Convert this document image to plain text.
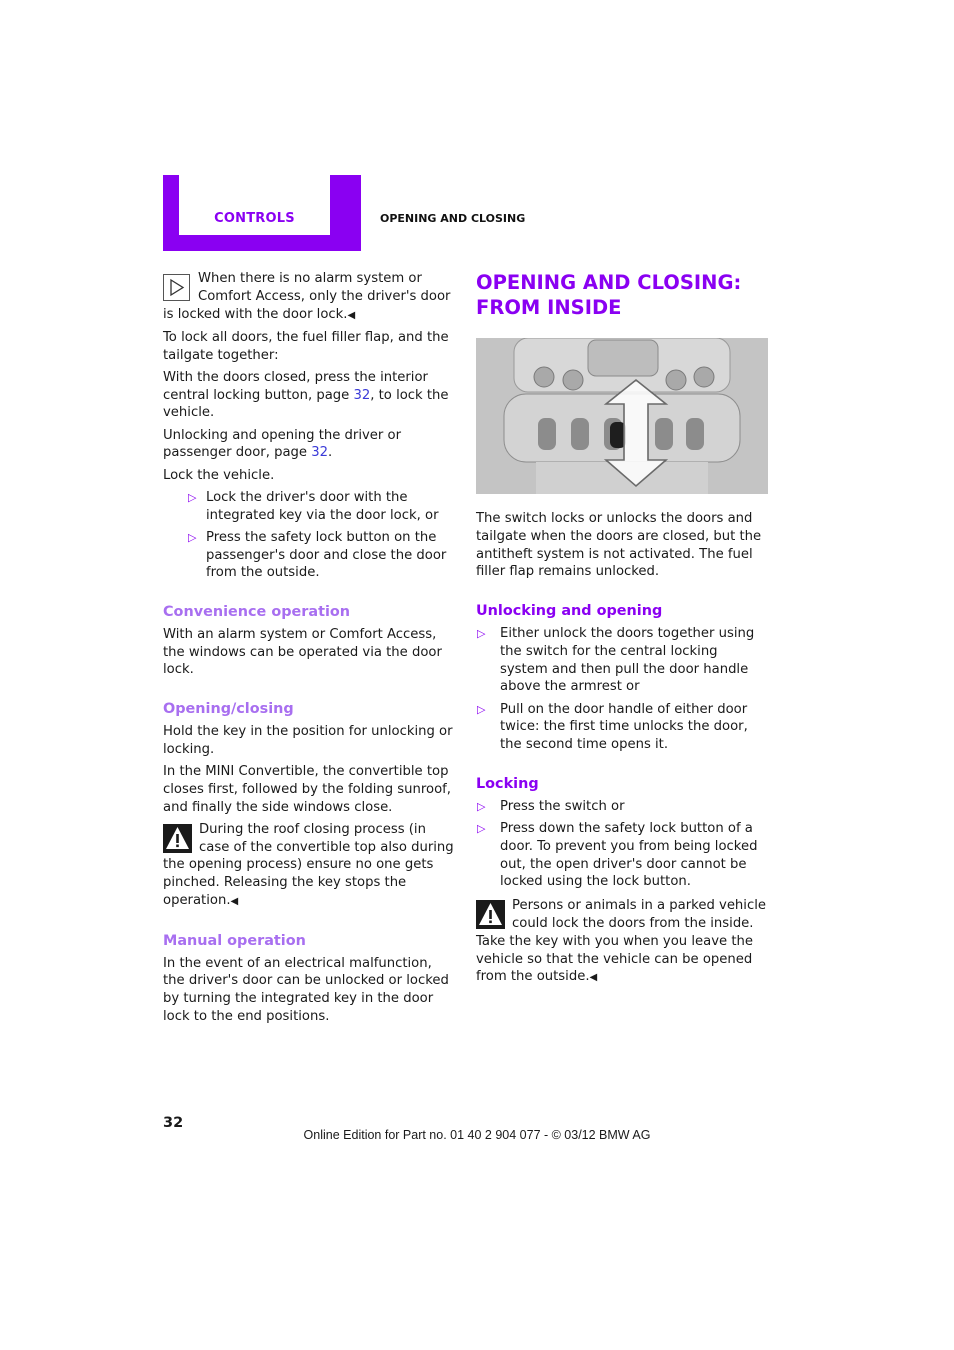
CONTROLS	OPENING AND CLOSING

When there is no alarm system or Comfort Access, only the driver's door is locked with the door lock.◀

To lock all doors, the fuel filler flap, and the tailgate together:

With the doors closed, press the interior central locking button, page 32, to lock the vehicle.

Unlocking and opening the driver or passenger door, page 32.

Lock the vehicle.

▷ Lock the driver's door with the integrated key via the door lock, or
▷ Press the safety lock button on the passenger's door and close the door from the outside.
Convenience operation

With an alarm system or Comfort Access, the windows can be operated via the door lock.

Opening/closing

Hold the key in the position for unlocking or locking.

In the MINI Convertible, the convertible top closes first, followed by the folding sunroof, and finally the side windows close.

During the roof closing process (in case of the convertible top also during the opening process) ensure no one gets pinched. Releasing the key stops the operation.◀

Manual operation

In the event of an electrical malfunction, the driver's door can be unlocked or locked by turning the integrated key in the door lock to the end positions.

OPENING AND CLOSING:
FROM INSIDE

The switch locks or unlocks the doors and tailgate when the doors are closed, but the antitheft system is not activated. The fuel filler flap remains unlocked.

Unlocking and opening
▷ Either unlock the doors together using the switch for the central locking system and then pull the door handle above the armrest or
▷ Pull on the door handle of either door twice: the first time unlocks the door, the second time opens it.
Locking
▷ Press the switch or
▷ Press down the safety lock button of a door. To prevent you from being locked out, the open driver's door cannot be locked using the lock button.

Persons or animals in a parked vehicle could lock the doors from the inside. Take the key with you when you leave the vehicle so that the vehicle can be opened from the outside.◀

32
Online Edition for Part no. 01 40 2 904 077 - © 03/12 BMW AG
